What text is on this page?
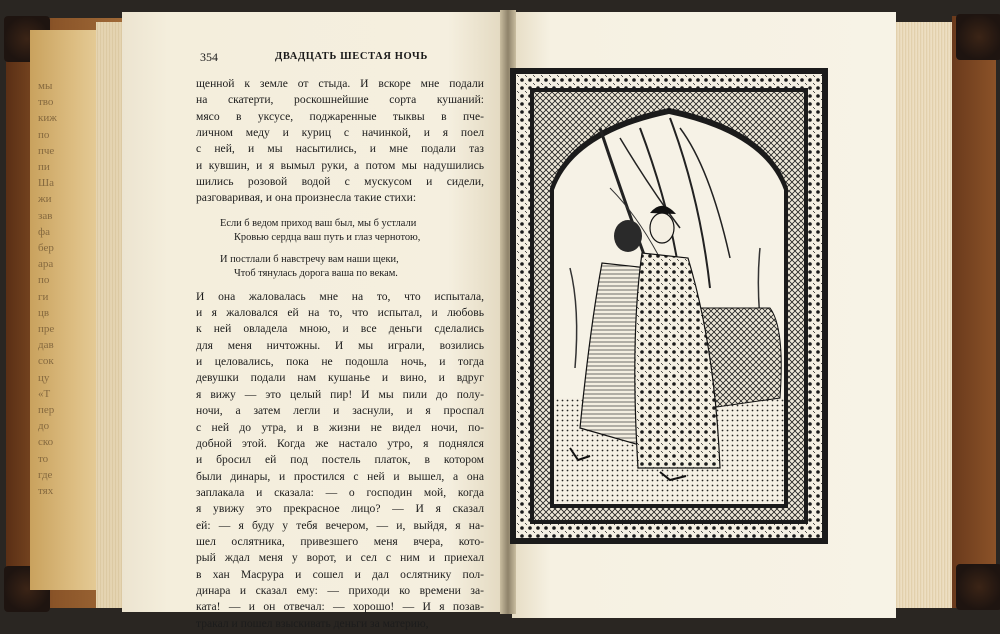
мы
тво
киж
по
пче
пи
Ша
жи
зав
фа
бер
ара
по
ги
цв
пре
дав
сок
цу
«Т
пер
до
ско
то
где
тях
354	ДВАДЦАТЬ ШЕСТАЯ НОЧЬ
щенной к земле от стыда. И вскоре мне подали
на скатерти, роскошнейшие сорта кушаний:
мясо в уксусе, поджаренные тыквы в пче-
личном меду и куриц с начинкой, и я поел
с ней, и мы насытились, и мне подали таз
и кувшин, и я вымыл руки, а потом мы надушились
шились розовой водой с мускусом и сидели,
разговаривая, и она произнесла такие стихи:
Если б ведом приход ваш был, мы б устлали
Кровью сердца ваш путь и глаз чернотою,
И постлали б навстречу вам наши щеки,
Чтоб тянулась дорога ваша по векам.
И она жаловалась мне на то, что испытала,
и я жаловался ей на то, что испытал, и любовь
к ней овладела мною, и все деньги сделались
для меня ничтожны. И мы играли, возились
и целовались, пока не подошла ночь, и тогда
девушки подали нам кушанье и вино, и вдруг
я вижу — это целый пир! И мы пили до полу-
ночи, а затем легли и заснули, и я проспал
с ней до утра, и в жизни не видел ночи, по-
добной этой. Когда же настало утро, я поднялся
и бросил ей под постель платок, в котором
были динары, и простился с ней и вышел, а она
заплакала и сказала: — о господин мой, когда
я увижу это прекрасное лицо? — И я сказал
ей: — я буду у тебя вечером, — и, выйдя, я на-
шел ослятника, привезшего меня вчера, кото-
рый ждал меня у ворот, и сел с ним и приехал
в хан Масрура и сошел и дал ослятнику пол-
динара и сказал ему: — приходи ко времени за-
ката! — и он отвечал: — хорошо! — И я позав-
тракал и пошел взыскивать деньги за материю,
